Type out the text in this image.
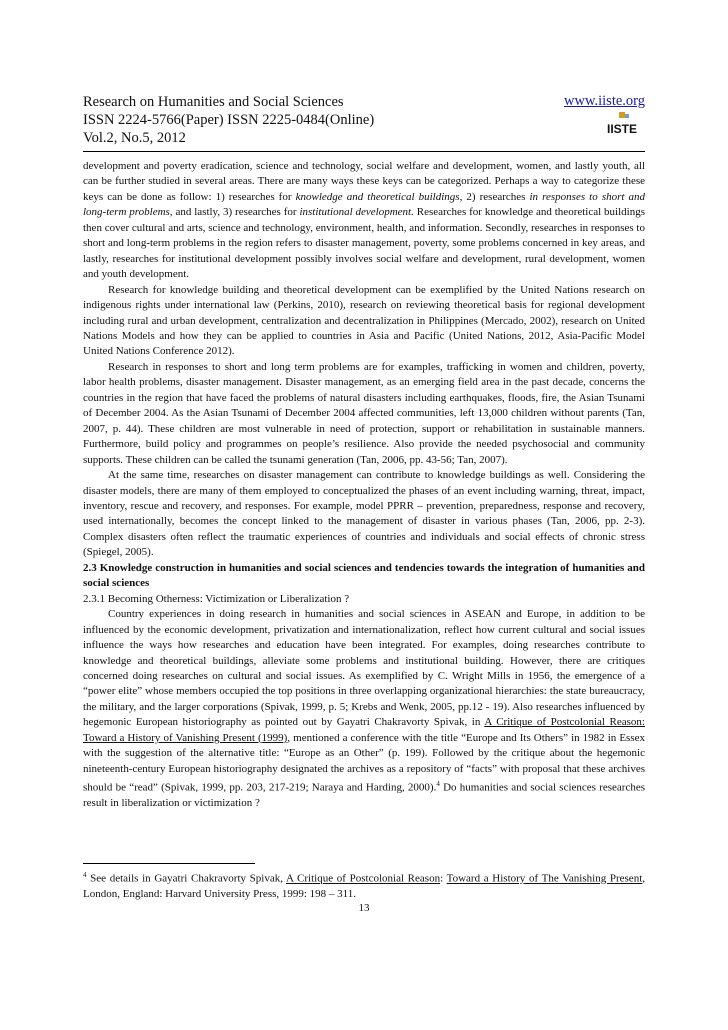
Research on Humanities and Social Sciences
ISSN 2224-5766(Paper) ISSN 2225-0484(Online)
Vol.2, No.5, 2012
www.iiste.org
IISTE

development and poverty eradication, science and technology, social welfare and development, women, and lastly youth, all can be further studied in several areas. There are many ways these keys can be categorized. Perhaps a way to categorize these keys can be done as follow: 1) researches for knowledge and theoretical buildings, 2) researches in responses to short and long-term problems, and lastly, 3) researches for institutional development. Researches for knowledge and theoretical buildings then cover cultural and arts, science and technology, environment, health, and information. Secondly, researches in responses to short and long-term problems in the region refers to disaster management, poverty, some problems concerned in key areas, and lastly, researches for institutional development possibly involves social welfare and development, rural development, women and youth development.

Research for knowledge building and theoretical development can be exemplified by the United Nations research on indigenous rights under international law (Perkins, 2010), research on reviewing theoretical basis for regional development including rural and urban development, centralization and decentralization in Philippines (Mercado, 2002), research on United Nations Models and how they can be applied to countries in Asia and Pacific (United Nations, 2012, Asia-Pacific Model United Nations Conference 2012).

Research in responses to short and long term problems are for examples, trafficking in women and children, poverty, labor health problems, disaster management. Disaster management, as an emerging field area in the past decade, concerns the countries in the region that have faced the problems of natural disasters including earthquakes, floods, fire, the Asian Tsunami of December 2004. As the Asian Tsunami of December 2004 affected communities, left 13,000 children without parents (Tan, 2007, p. 44). These children are most vulnerable in need of protection, support or rehabilitation in sustainable manners. Furthermore, build policy and programmes on people’s resilience. Also provide the needed psychosocial and community supports. These children can be called the tsunami generation (Tan, 2006, pp. 43-56; Tan, 2007).

At the same time, researches on disaster management can contribute to knowledge buildings as well. Considering the disaster models, there are many of them employed to conceptualized the phases of an event including warning, threat, impact, inventory, rescue and recovery, and responses. For example, model PPRR – prevention, preparedness, response and recovery, used internationally, becomes the concept linked to the management of disaster in various phases (Tan, 2006, pp. 2-3). Complex disasters often reflect the traumatic experiences of countries and individuals and social effects of chronic stress (Spiegel, 2005).

2.3 Knowledge construction in humanities and social sciences and tendencies towards the integration of humanities and social sciences

2.3.1 Becoming Otherness: Victimization or Liberalization ?

Country experiences in doing research in humanities and social sciences in ASEAN and Europe, in addition to be influenced by the economic development, privatization and internationalization, reflect how current cultural and social issues influence the ways how researches and education have been integrated. For examples, doing researches contribute to knowledge and theoretical buildings, alleviate some problems and institutional building. However, there are critiques concerned doing researches on cultural and social issues. As exemplified by C. Wright Mills in 1956, the emergence of a “power elite” whose members occupied the top positions in three overlapping organizational hierarchies: the state bureaucracy, the military, and the larger corporations (Spivak, 1999, p. 5; Krebs and Wenk, 2005, pp.12 - 19). Also researches influenced by hegemonic European historiography as pointed out by Gayatri Chakravorty Spivak, in A Critique of Postcolonial Reason: Toward a History of Vanishing Present (1999), mentioned a conference with the title “Europe and Its Others” in 1982 in Essex with the suggestion of the alternative title: “Europe as an Other” (p. 199). Followed by the critique about the hegemonic nineteenth-century European historiography designated the archives as a repository of “facts” with proposal that these archives should be “read” (Spivak, 1999, pp. 203, 217-219; Naraya and Harding, 2000).$^4$ Do humanities and social sciences researches result in liberalization or victimization ?

$^4$ See details in Gayatri Chakravorty Spivak, A Critique of Postcolonial Reason: Toward a History of The Vanishing Present, London, England: Harvard University Press, 1999: 198 – 311.
13
